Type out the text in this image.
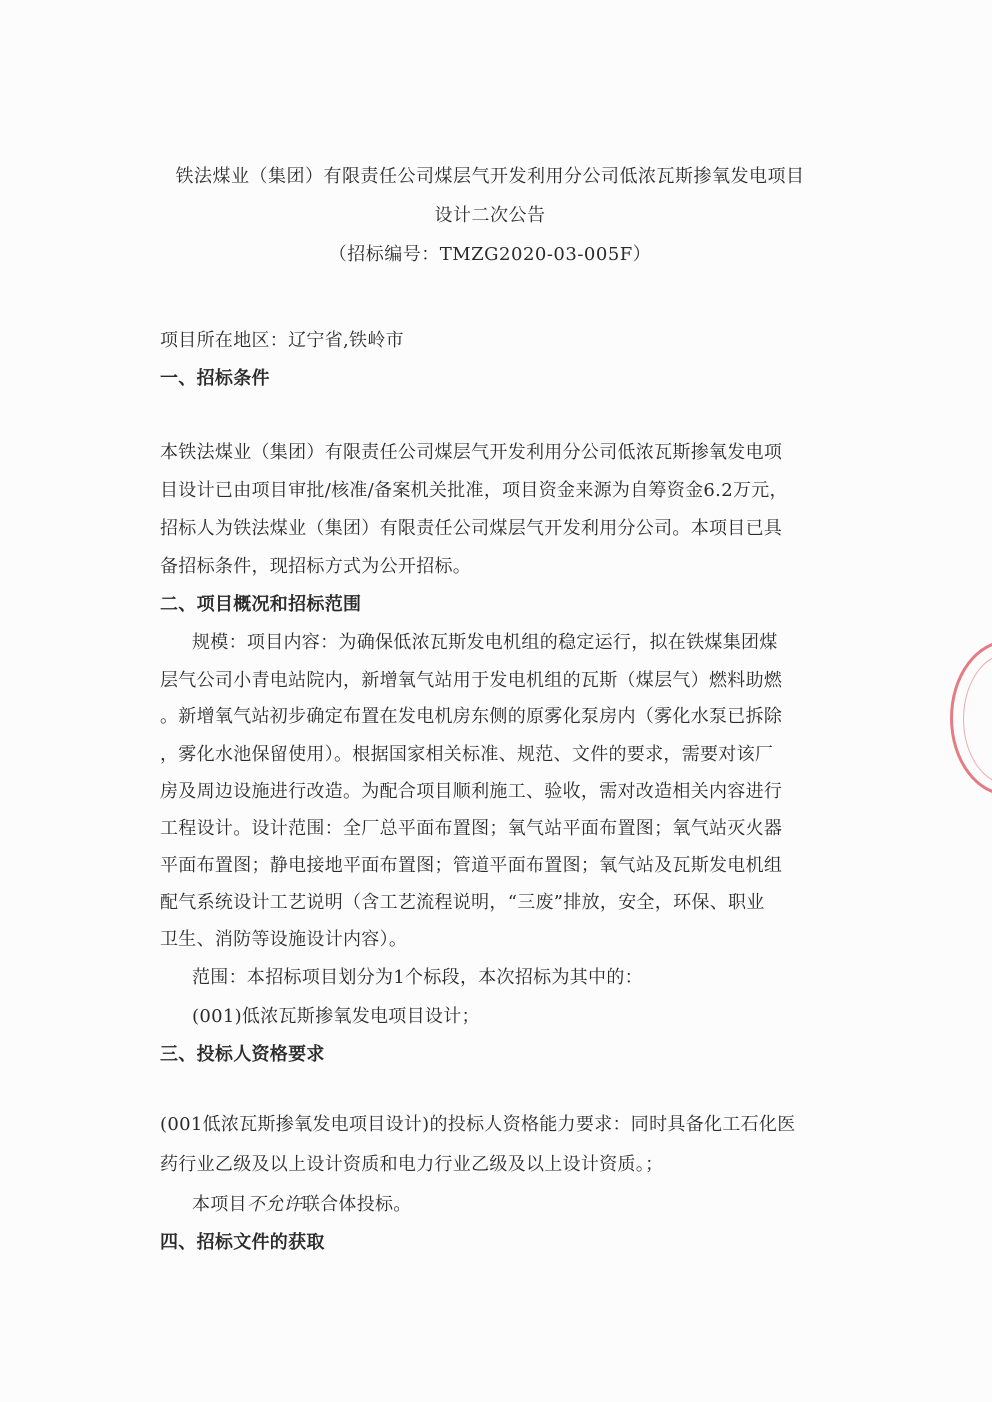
铁法煤业（集团）有限责任公司煤层气开发利用分公司低浓瓦斯掺氧发电项目
设计二次公告
（招标编号：TMZG2020-03-005F）
项目所在地区：辽宁省,铁岭市
一、招标条件
本铁法煤业（集团）有限责任公司煤层气开发利用分公司低浓瓦斯掺氧发电项
目设计已由项目审批/核准/备案机关批准，项目资金来源为自筹资金6.2万元，
招标人为铁法煤业（集团）有限责任公司煤层气开发利用分公司。本项目已具
备招标条件，现招标方式为公开招标。
二、项目概况和招标范围
规模：项目内容：为确保低浓瓦斯发电机组的稳定运行，拟在铁煤集团煤
层气公司小青电站院内，新增氧气站用于发电机组的瓦斯（煤层气）燃料助燃
。新增氧气站初步确定布置在发电机房东侧的原雾化泵房内（雾化水泵已拆除
，雾化水池保留使用）。根据国家相关标准、规范、文件的要求，需要对该厂
房及周边设施进行改造。为配合项目顺利施工、验收，需对改造相关内容进行
工程设计。设计范围：全厂总平面布置图；氧气站平面布置图；氧气站灭火器
平面布置图；静电接地平面布置图；管道平面布置图；氧气站及瓦斯发电机组
配气系统设计工艺说明（含工艺流程说明，“三废”排放，安全，环保、职业
卫生、消防等设施设计内容）。
范围：本招标项目划分为1个标段，本次招标为其中的：
(001)低浓瓦斯掺氧发电项目设计；
三、投标人资格要求
(001低浓瓦斯掺氧发电项目设计)的投标人资格能力要求：同时具备化工石化医
药行业乙级及以上设计资质和电力行业乙级及以上设计资质。；
本项目不允许联合体投标。
四、招标文件的获取
